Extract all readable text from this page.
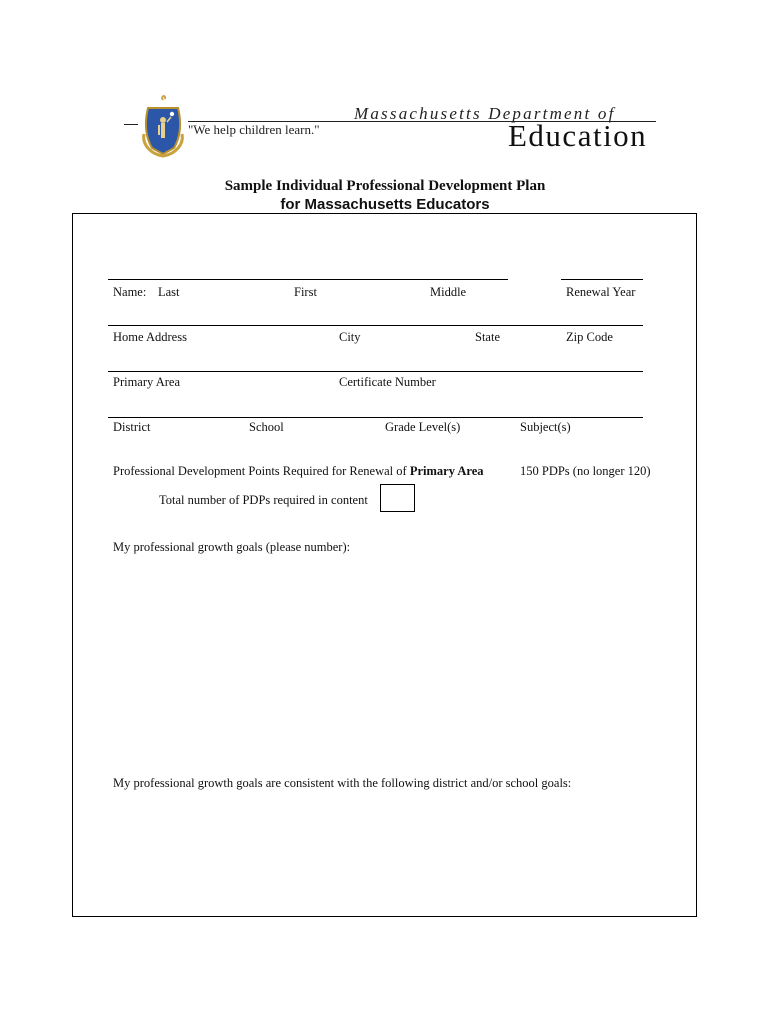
"We help children learn."
Massachusetts Department of
Education
Sample Individual Professional Development Plan
for Massachusetts Educators
Name: Last	First	Middle	Renewal Year
Home Address	City	State	Zip Code
Primary Area	Certificate Number
District	School	Grade Level(s)	Subject(s)
Professional Development Points Required for Renewal of Primary Area	150 PDPs (no longer 120)
Total number of PDPs required in content
My professional growth goals (please number):
My professional growth goals are consistent with the following district and/or school goals:
